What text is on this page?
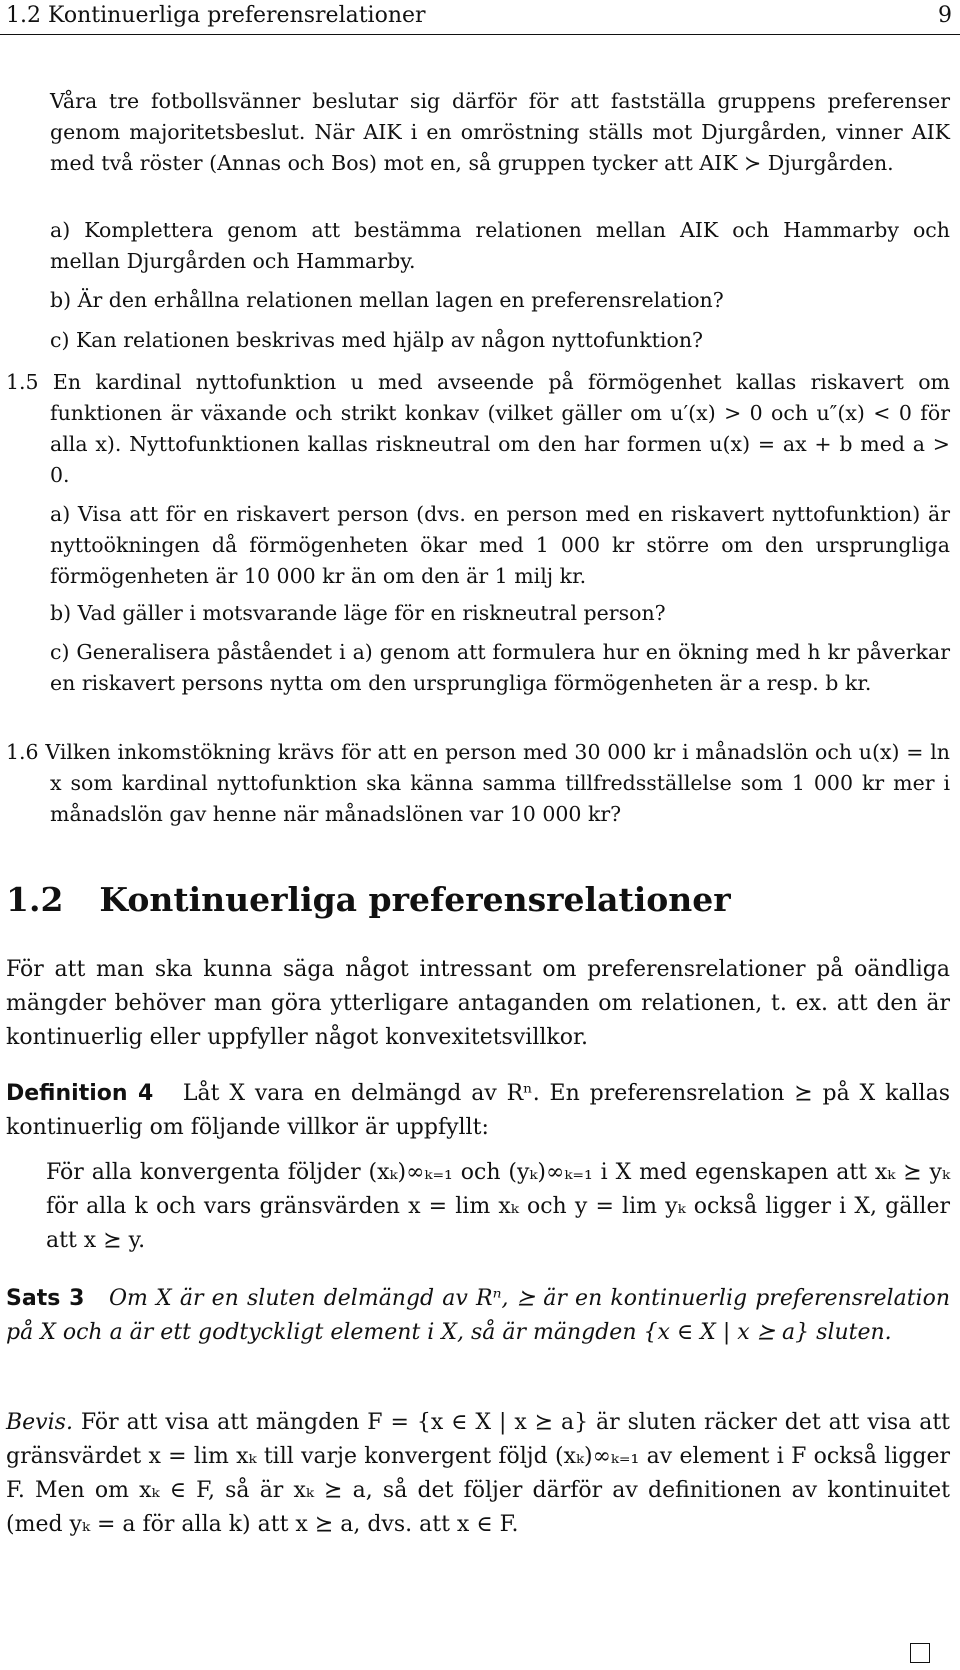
1.2 Kontinuerliga preferensrelationer	9

Våra tre fotbollsvänner beslutar sig därför för att fastställa gruppens preferenser genom majoritetsbeslut. När AIK i en omröstning ställs mot Djurgården, vinner AIK med två röster (Annas och Bos) mot en, så gruppen tycker att AIK ≻ Djurgården.

a) Komplettera genom att bestämma relationen mellan AIK och Hammarby och mellan Djurgården och Hammarby.

b) Är den erhållna relationen mellan lagen en preferensrelation?

c) Kan relationen beskrivas med hjälp av någon nyttofunktion?

1.5 En kardinal nyttofunktion u med avseende på förmögenhet kallas riskavert om funktionen är växande och strikt konkav (vilket gäller om u′(x) > 0 och u″(x) < 0 för alla x). Nyttofunktionen kallas riskneutral om den har formen u(x) = ax + b med a > 0.

a) Visa att för en riskavert person (dvs. en person med en riskavert nyttofunktion) är nyttoökningen då förmögenheten ökar med 1 000 kr större om den ursprungliga förmögenheten är 10 000 kr än om den är 1 milj kr.

b) Vad gäller i motsvarande läge för en riskneutral person?

c) Generalisera påståendet i a) genom att formulera hur en ökning med h kr påverkar en riskavert persons nytta om den ursprungliga förmögenheten är a resp. b kr.

1.6 Vilken inkomstökning krävs för att en person med 30 000 kr i månadslön och u(x) = ln x som kardinal nyttofunktion ska känna samma tillfredsställelse som 1 000 kr mer i månadslön gav henne när månadslönen var 10 000 kr?

1.2 Kontinuerliga preferensrelationer

För att man ska kunna säga något intressant om preferensrelationer på oändliga mängder behöver man göra ytterligare antaganden om relationen, t. ex. att den är kontinuerlig eller uppfyller något konvexitetsvillkor.

Definition 4 Låt X vara en delmängd av Rⁿ. En preferensrelation ⪰ på X kallas kontinuerlig om följande villkor är uppfyllt:

För alla konvergenta följder (xₖ)∞ₖ₌₁ och (yₖ)∞ₖ₌₁ i X med egenskapen att xₖ ⪰ yₖ för alla k och vars gränsvärden x = lim xₖ och y = lim yₖ också ligger i X, gäller att x ⪰ y.

Sats 3 Om X är en sluten delmängd av Rⁿ, ⪰ är en kontinuerlig preferensrelation på X och a är ett godtyckligt element i X, så är mängden {x ∈ X | x ⪰ a} sluten.

Bevis. För att visa att mängden F = {x ∈ X | x ⪰ a} är sluten räcker det att visa att gränsvärdet x = lim xₖ till varje konvergent följd (xₖ)∞ₖ₌₁ av element i F också ligger F. Men om xₖ ∈ F, så är xₖ ⪰ a, så det följer därför av definitionen av kontinuitet (med yₖ = a för alla k) att x ⪰ a, dvs. att x ∈ F.
